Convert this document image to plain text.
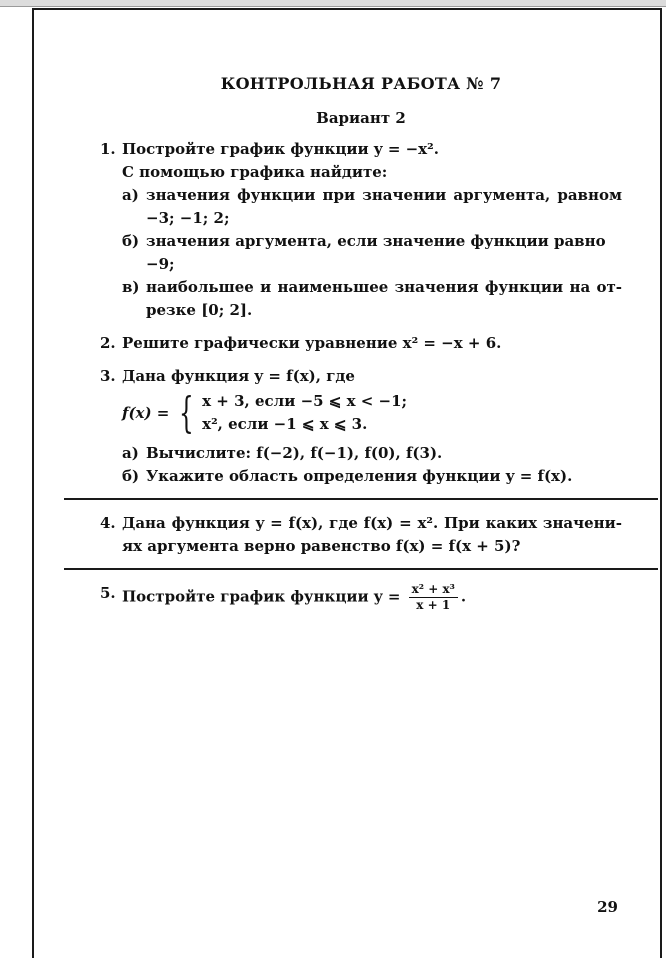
КОНТРОЛЬНАЯ РАБОТА № 7
Вариант 2
1. Постройте график функции y = −x².
С помощью графика найдите:
а) значения функции при значении аргумента, равном
−3; −1; 2;
б) значения аргумента, если значение функции равно −9;
в) наибольшее и наименьшее значения функции на от-
резке [0; 2].
2. Решите графически уравнение x² = −x + 6.
3. Дана функция y = f(x), где
f(x) = { x + 3, если −5 ⩽ x < −1;
x², если −1 ⩽ x ⩽ 3.
а) Вычислите: f(−2), f(−1), f(0), f(3).
б) Укажите область определения функции y = f(x).
4. Дана функция y = f(x), где f(x) = x². При каких значени-
ях аргумента верно равенство f(x) = f(x + 5)?
5. Постройте график функции $y = \frac{\text{x² + x³}}{x + 1}$ .
29
